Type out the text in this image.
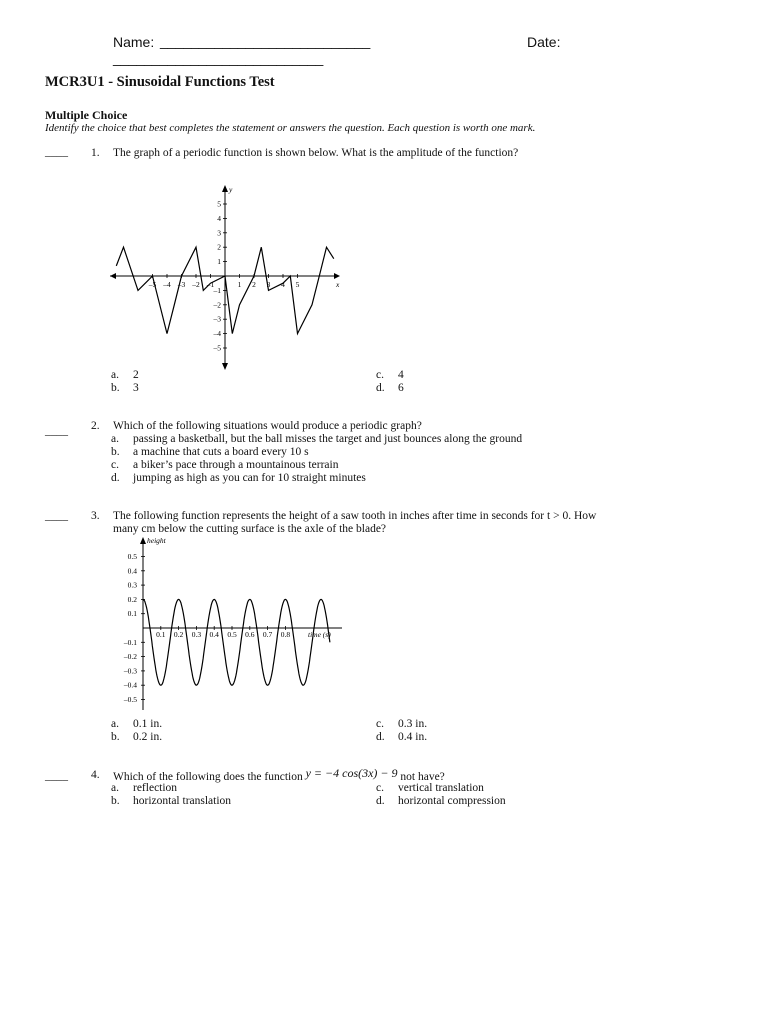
Name: ___________________________	Date:
___________________________
MCR3U1 - Sinusoidal Functions Test
Multiple Choice
Identify the choice that best completes the statement or answers the question. Each question is worth one mark.
____ 1. The graph of a periodic function is shown below. What is the amplitude of the function?
–5 –4 –3 –2 –1	1 2 3 4 5
5
4
3
2
1
–1
–2
–3
–4
–5
y
x
a. 2
b. 3
c. 4
d. 6
____ 2. Which of the following situations would produce a periodic graph?
a. passing a basketball, but the ball misses the target and just bounces along the ground
b. a machine that cuts a board every 10 s
c. a biker’s pace through a mountainous terrain
d. jumping as high as you can for 10 straight minutes
____ 3. The following function represents the height of a saw tooth in inches after time in seconds for t > 0. How
many cm below the cutting surface is the axle of the blade?
0.1 0.2 0.3 0.4 0.5 0.6 0.7 0.8
0.5
0.4
0.3
0.2
0.1
–0.1
–0.2
–0.3
–0.4
–0.5
height
time (s)
a. 0.1 in.
b. 0.2 in.
c. 0.3 in.
d. 0.4 in.
____ 4. Which of the following does the function y = −4 cos(3x) − 9 not have?
a. reflection
b. horizontal translation
c. vertical translation
d. horizontal compression
